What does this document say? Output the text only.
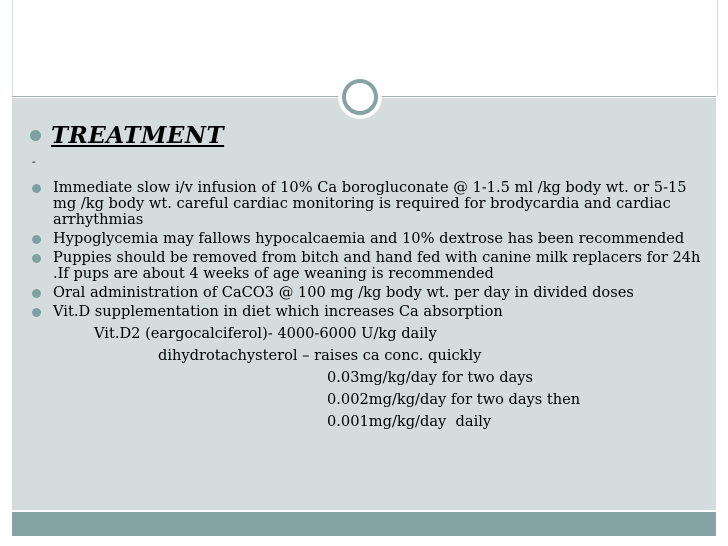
TREATMENT
-
Immediate slow i/v infusion of 10% Ca borogluconate @ 1-1.5 ml /kg body wt. or 5-15 mg /kg body wt. careful cardiac monitoring is required for brodycardia and cardiac arrhythmias
Hypoglycemia may fallows hypocalcaemia and 10% dextrose has been recommended
Puppies should be removed from bitch and hand fed with canine milk replacers for 24h .If pups are about 4 weeks of age weaning is recommended
Oral administration of CaCO3 @ 100 mg /kg body wt. per day in divided doses
Vit.D supplementation in diet which increases Ca absorption
Vit.D2 (eargocalciferol)- 4000-6000 U/kg daily
dihydrotachysterol – raises ca conc. quickly
0.03mg/kg/day for two days
0.002mg/kg/day for two days then
0.001mg/kg/day  daily
